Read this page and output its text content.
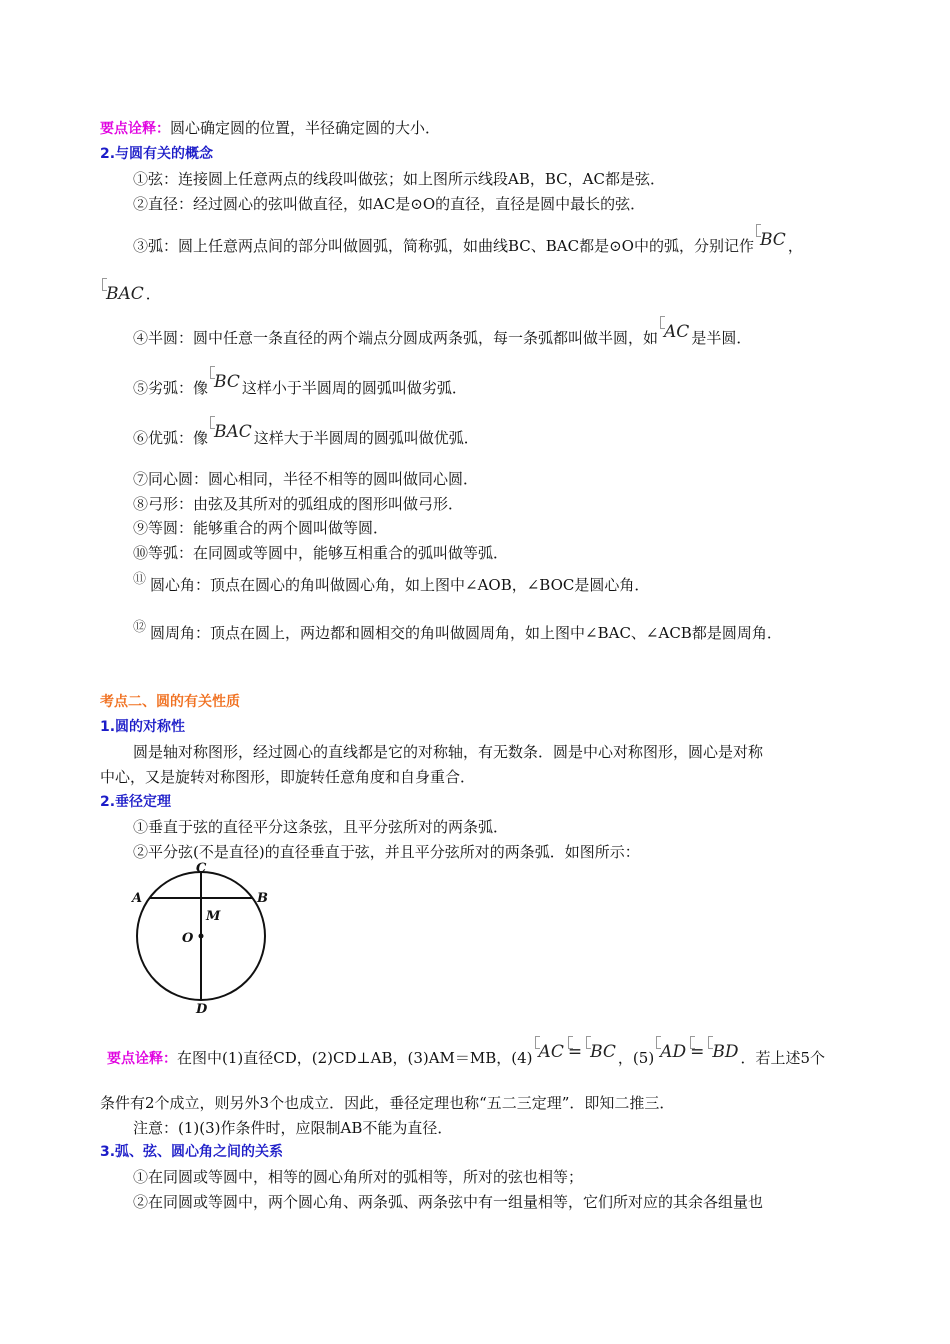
要点诠释：圆心确定圆的位置，半径确定圆的大小．
2.与圆有关的概念
①弦：连接圆上任意两点的线段叫做弦；如上图所示线段AB，BC，AC都是弦．
②直径：经过圆心的弦叫做直径，如AC是⊙O的直径，直径是圆中最长的弦．
③弧：圆上任意两点间的部分叫做圆弧，简称弧，如曲线BC、BAC都是⊙O中的弧，分别记作 BC ，
BAC ．
④半圆：圆中任意一条直径的两个端点分圆成两条弧，每一条弧都叫做半圆，如 AC 是半圆．
⑤劣弧：像 BC 这样小于半圆周的圆弧叫做劣弧．
⑥优弧：像 BAC 这样大于半圆周的圆弧叫做优弧．
⑦同心圆：圆心相同，半径不相等的圆叫做同心圆．
⑧弓形：由弦及其所对的弧组成的图形叫做弓形．
⑨等圆：能够重合的两个圆叫做等圆．
⑩等弧：在同圆或等圆中，能够互相重合的弧叫做等弧．
⑪ 圆心角：顶点在圆心的角叫做圆心角，如上图中∠AOB，∠BOC是圆心角．
⑫ 圆周角：顶点在圆上，两边都和圆相交的角叫做圆周角，如上图中∠BAC、∠ACB都是圆周角．
考点二、圆的有关性质
1.圆的对称性
圆是轴对称图形，经过圆心的直线都是它的对称轴，有无数条．圆是中心对称图形，圆心是对称
中心，又是旋转对称图形，即旋转任意角度和自身重合．
2.垂径定理
①垂直于弦的直径平分这条弦，且平分弦所对的两条弧．
②平分弦(不是直径)的直径垂直于弦，并且平分弦所对的两条弧．如图所示：
A	B
C
M
O
D
要点诠释：在图中(1)直径CD，(2)CD⊥AB，(3)AM＝MB，(4) AC = BC ，(5) AD = BD ．若上述5个
条件有2个成立，则另外3个也成立．因此，垂径定理也称“五二三定理”．即知二推三．
注意：(1)(3)作条件时，应限制AB不能为直径．
3.弧、弦、圆心角之间的关系
①在同圆或等圆中，相等的圆心角所对的弧相等，所对的弦也相等；
②在同圆或等圆中，两个圆心角、两条弧、两条弦中有一组量相等，它们所对应的其余各组量也
